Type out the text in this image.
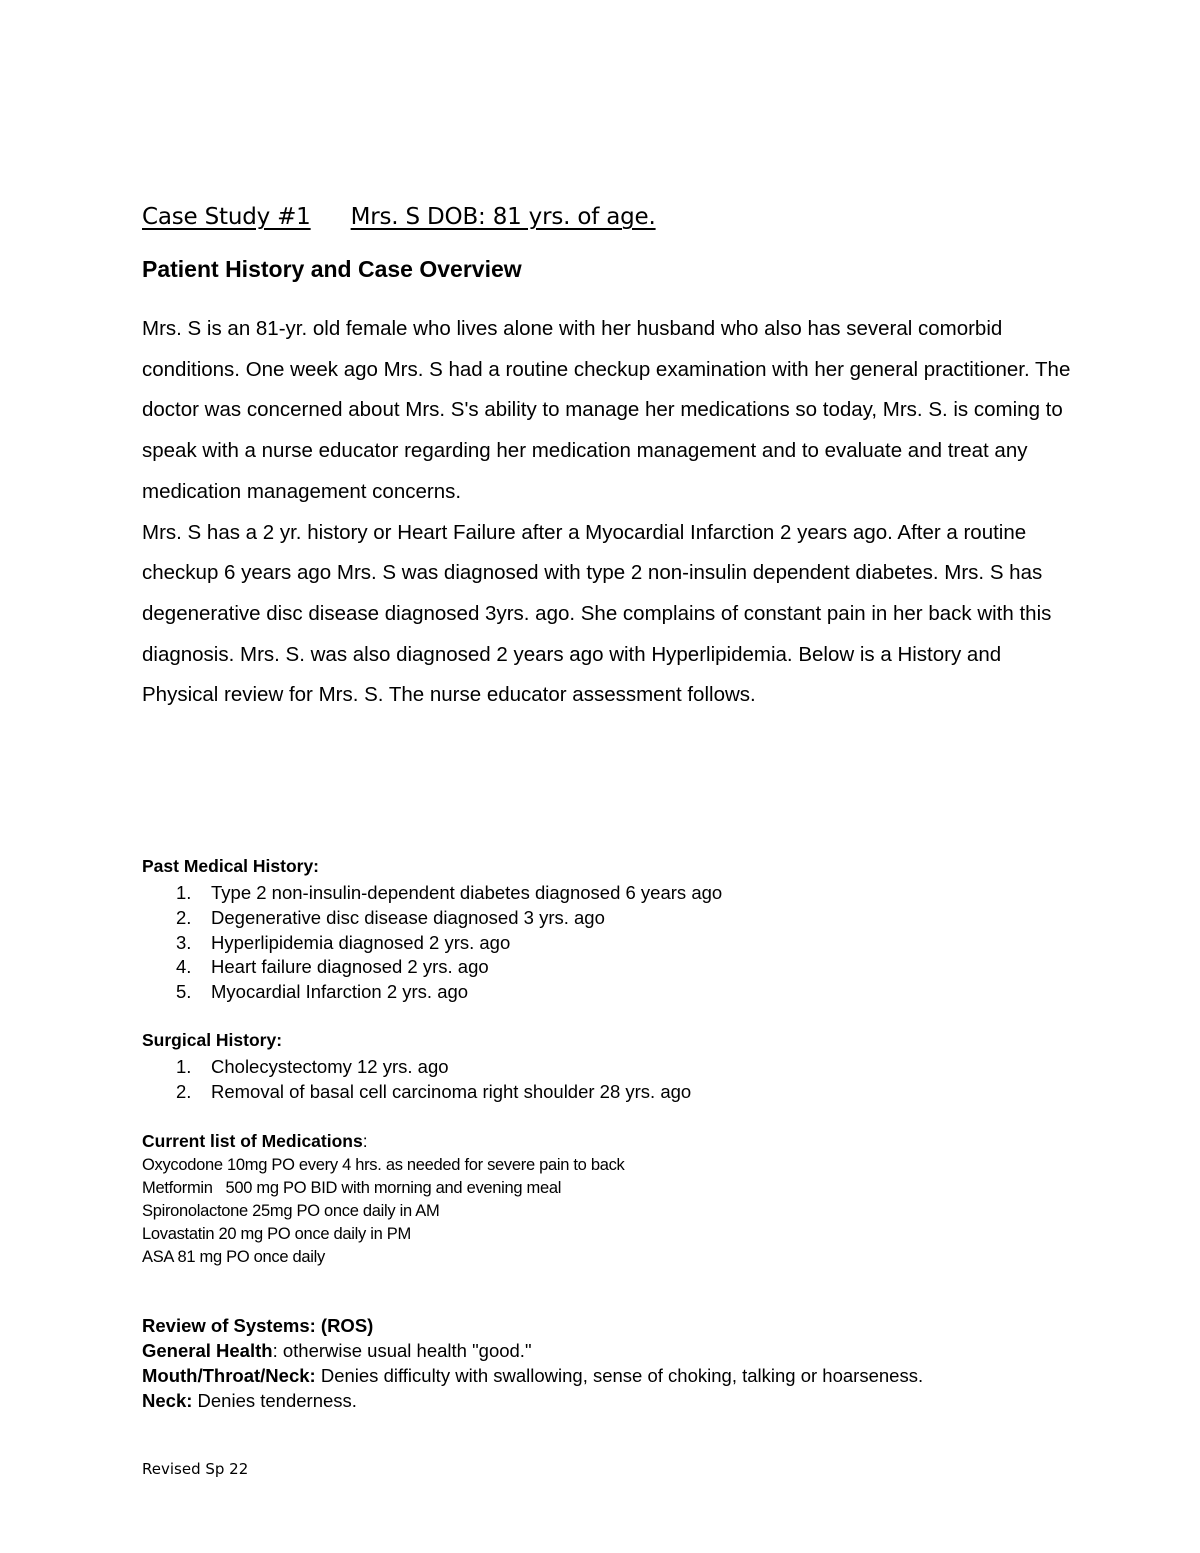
Case Study #1 Mrs. S DOB: 81 yrs. of age.
Patient History and Case Overview

Mrs. S is an 81-yr. old female who lives alone with her husband who also has several comorbid conditions. One week ago Mrs. S had a routine checkup examination with her general practitioner. The doctor was concerned about Mrs. S's ability to manage her medications so today, Mrs. S. is coming to speak with a nurse educator regarding her medication management and to evaluate and treat any medication management concerns.

Mrs. S has a 2 yr. history or Heart Failure after a Myocardial Infarction 2 years ago. After a routine checkup 6 years ago Mrs. S was diagnosed with type 2 non-insulin dependent diabetes. Mrs. S has degenerative disc disease diagnosed 3yrs. ago. She complains of constant pain in her back with this diagnosis. Mrs. S. was also diagnosed 2 years ago with Hyperlipidemia. Below is a History and Physical review for Mrs. S. The nurse educator assessment follows.

Past Medical History:
1. Type 2 non-insulin-dependent diabetes diagnosed 6 years ago
2. Degenerative disc disease diagnosed 3 yrs. ago
3. Hyperlipidemia diagnosed 2 yrs. ago
4. Heart failure diagnosed 2 yrs. ago
5. Myocardial Infarction 2 yrs. ago
Surgical History:
1. Cholecystectomy 12 yrs. ago
2. Removal of basal cell carcinoma right shoulder 28 yrs. ago
Current list of Medications:
Oxycodone 10mg PO every 4 hrs. as needed for severe pain to back
Metformin   500 mg PO BID with morning and evening meal
Spironolactone 25mg PO once daily in AM
Lovastatin 20 mg PO once daily in PM
ASA 81 mg PO once daily
Review of Systems: (ROS)
General Health: otherwise usual health "good."
Mouth/Throat/Neck: Denies difficulty with swallowing, sense of choking, talking or hoarseness.
Neck: Denies tenderness.
Revised Sp 22
